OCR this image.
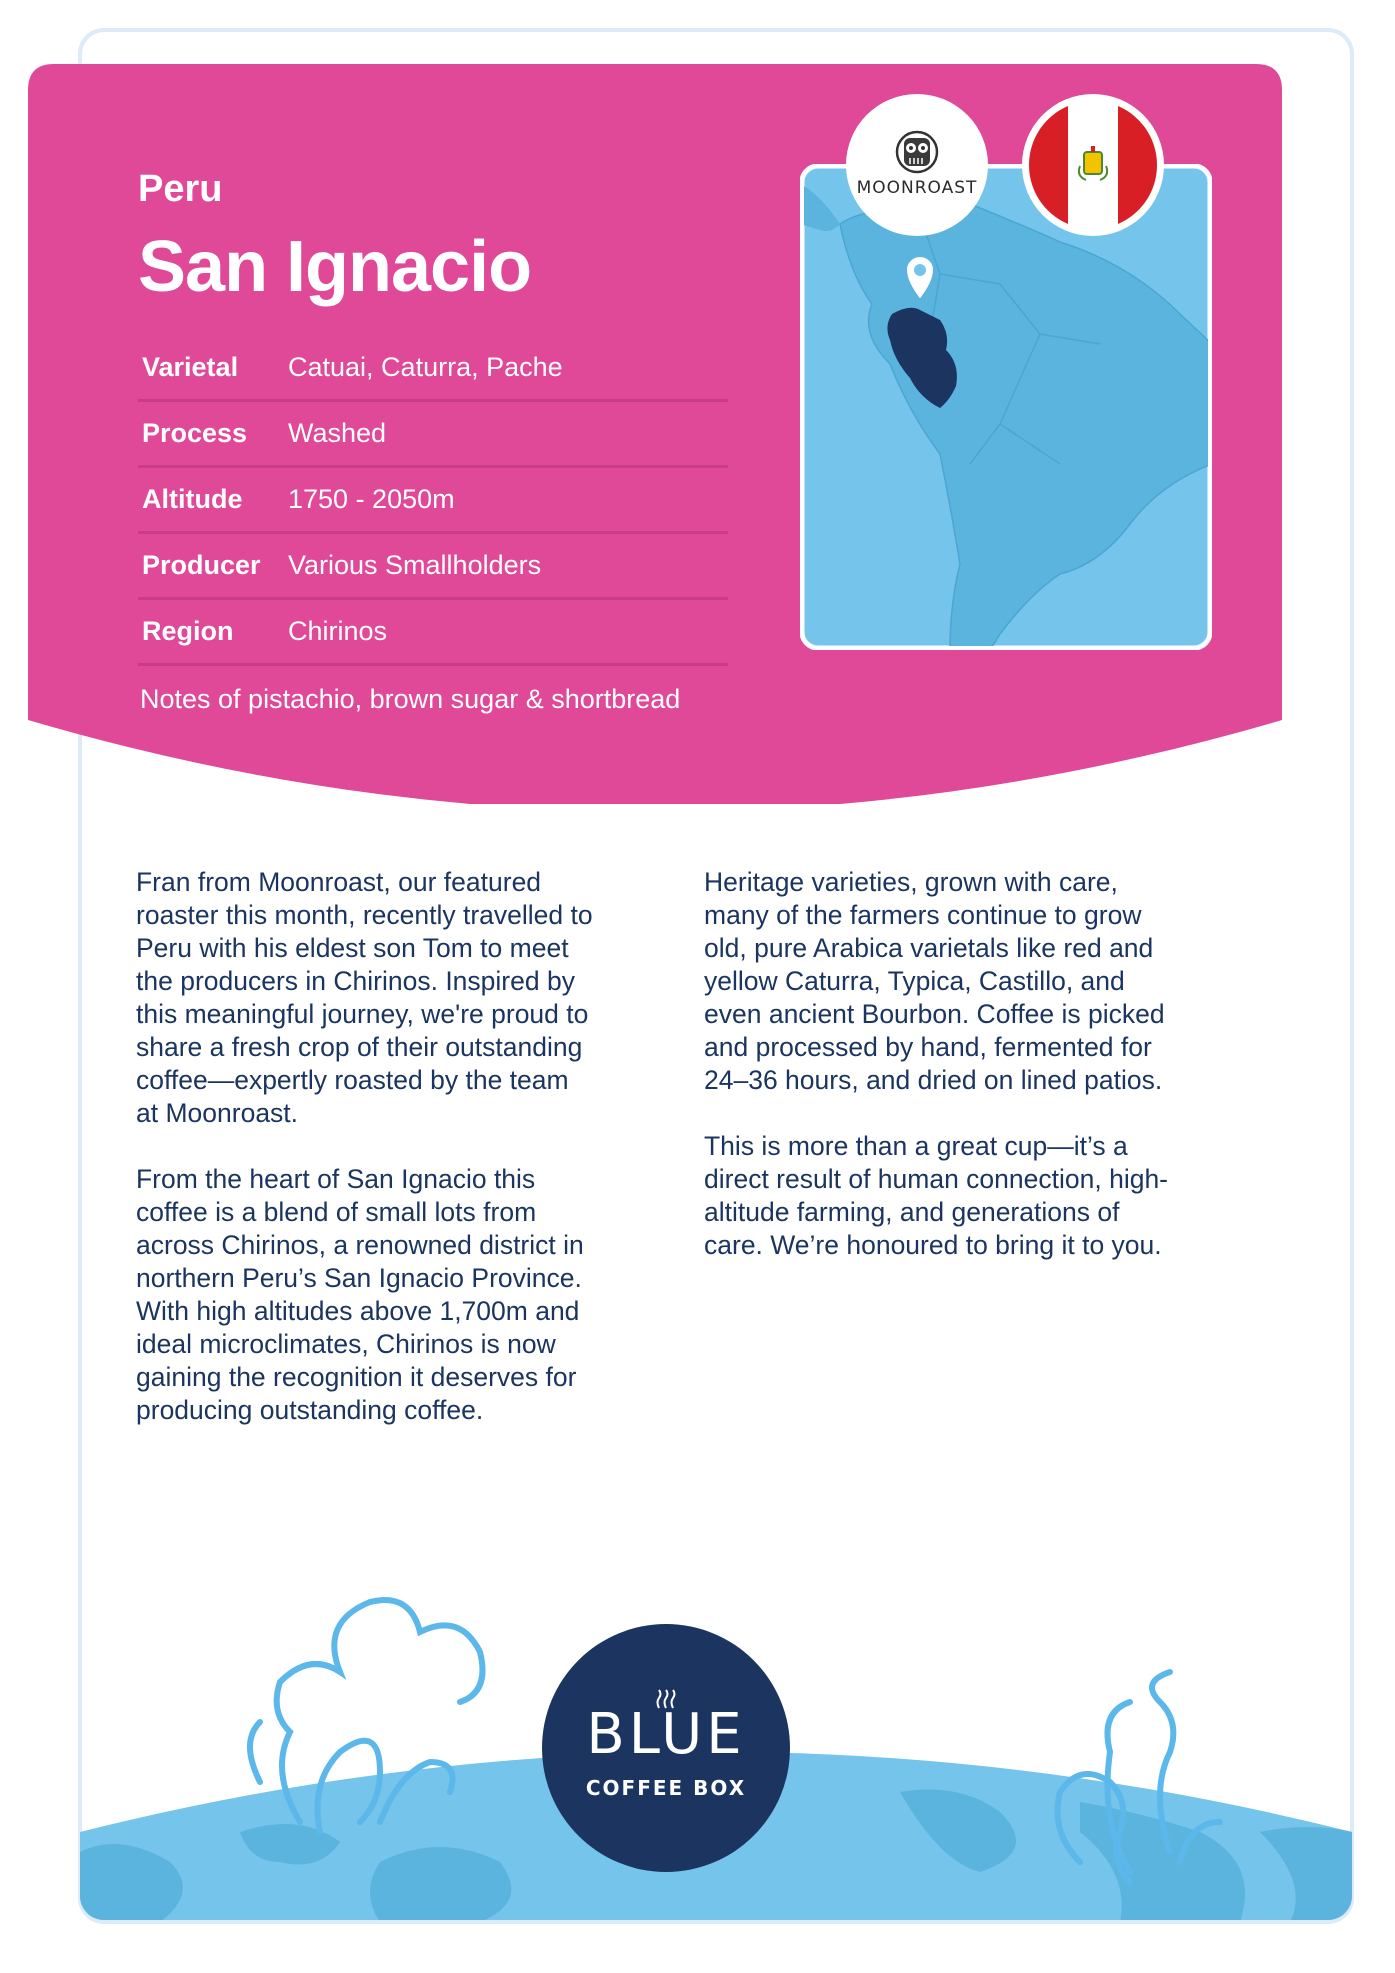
Peru
San Ignacio
Varietal	Catuai, Caturra, Pache
Process	Washed
Altitude	1750 - 2050m
Producer	Various Smallholders
Region	Chirinos

Notes of pistachio, brown sugar & shortbread

MOONROAST

Fran from Moonroast, our featured
roaster this month, recently travelled to
Peru with his eldest son Tom to meet
the producers in Chirinos. Inspired by
this meaningful journey, we're proud to
share a fresh crop of their outstanding
coffee—expertly roasted by the team
at Moonroast.

From the heart of San Ignacio this
coffee is a blend of small lots from
across Chirinos, a renowned district in
northern Peru’s San Ignacio Province.
With high altitudes above 1,700m and
ideal microclimates, Chirinos is now
gaining the recognition it deserves for
producing outstanding coffee.

Heritage varieties, grown with care,
many of the farmers continue to grow
old, pure Arabica varietals like red and
yellow Caturra, Typica, Castillo, and
even ancient Bourbon. Coffee is picked
and processed by hand, fermented for
24–36 hours, and dried on lined patios.

This is more than a great cup—it’s a
direct result of human connection, high-
altitude farming, and generations of
care. We’re honoured to bring it to you.

BLUE
COFFEE BOX
